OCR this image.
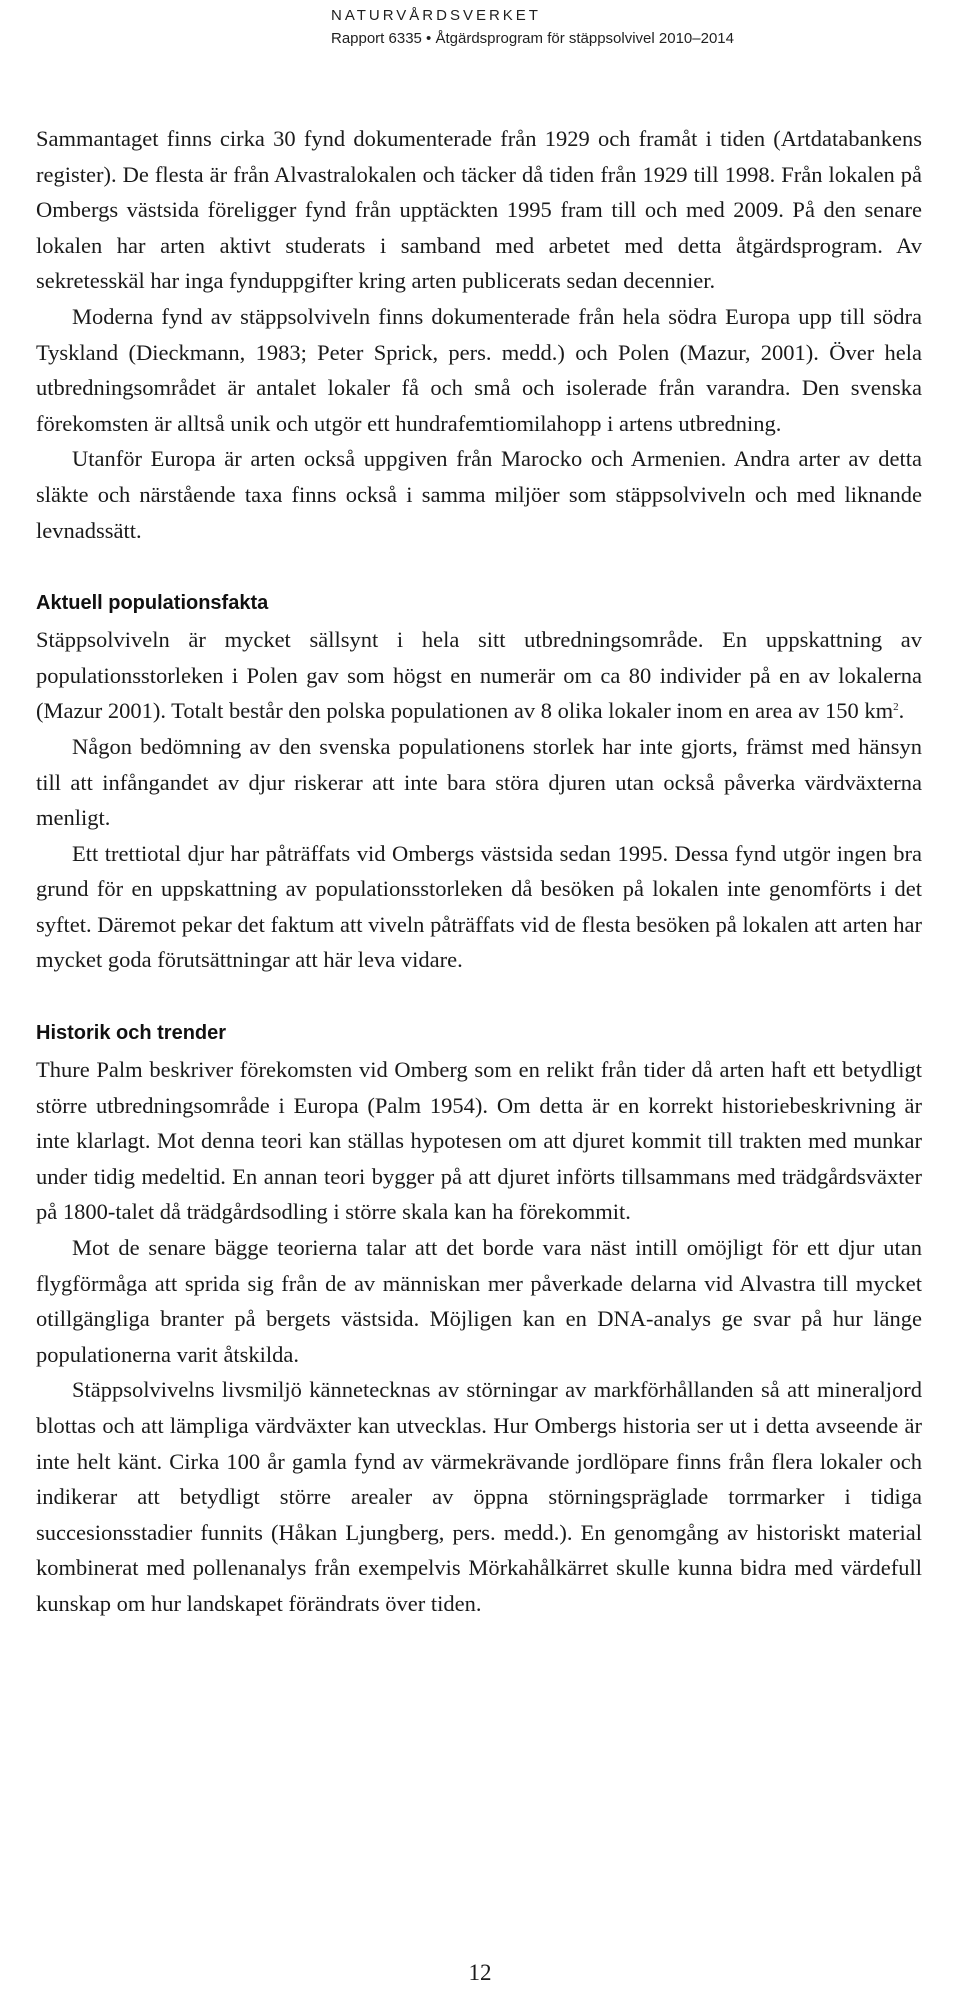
NATURVÅRDSVERKET

Rapport 6335 • Åtgärdsprogram för stäppsolvivel 2010–2014

Sammantaget finns cirka 30 fynd dokumenterade från 1929 och framåt i tiden (Artdatabankens register). De flesta är från Alvastralokalen och täcker då tiden från 1929 till 1998. Från lokalen på Ombergs västsida föreligger fynd från upptäckten 1995 fram till och med 2009. På den senare lokalen har arten aktivt studerats i samband med arbetet med detta åtgärdsprogram. Av sekretesskäl har inga fynduppgifter kring arten publicerats sedan decennier.

Moderna fynd av stäppsolviveln finns dokumenterade från hela södra Europa upp till södra Tyskland (Dieckmann, 1983; Peter Sprick, pers. medd.) och Polen (Mazur, 2001). Över hela utbredningsområdet är antalet lokaler få och små och isolerade från varandra. Den svenska förekomsten är alltså unik och utgör ett hundrafemtiomilahopp i artens utbredning.

Utanför Europa är arten också uppgiven från Marocko och Armenien. Andra arter av detta släkte och närstående taxa finns också i samma miljöer som stäppsolviveln och med liknande levnadssätt.

Aktuell populationsfakta

Stäppsolviveln är mycket sällsynt i hela sitt utbredningsområde. En uppskattning av populationsstorleken i Polen gav som högst en numerär om ca 80 individer på en av lokalerna (Mazur 2001). Totalt består den polska populationen av 8 olika lokaler inom en area av 150 $km^2$.

Någon bedömning av den svenska populationens storlek har inte gjorts, främst med hänsyn till att infångandet av djur riskerar att inte bara störa djuren utan också påverka värdväxterna menligt.

Ett trettiotal djur har påträffats vid Ombergs västsida sedan 1995. Dessa fynd utgör ingen bra grund för en uppskattning av populationsstorleken då besöken på lokalen inte genomförts i det syftet. Däremot pekar det faktum att viveln påträffats vid de flesta besöken på lokalen att arten har mycket goda förutsättningar att här leva vidare.

Historik och trender

Thure Palm beskriver förekomsten vid Omberg som en relikt från tider då arten haft ett betydligt större utbredningsområde i Europa (Palm 1954). Om detta är en korrekt historiebeskrivning är inte klarlagt. Mot denna teori kan ställas hypotesen om att djuret kommit till trakten med munkar under tidig medeltid. En annan teori bygger på att djuret införts tillsammans med trädgårdsväxter på 1800-talet då trädgårdsodling i större skala kan ha förekommit.

Mot de senare bägge teorierna talar att det borde vara näst intill omöjligt för ett djur utan flygförmåga att sprida sig från de av människan mer påverkade delarna vid Alvastra till mycket otillgängliga branter på bergets västsida. Möjligen kan en DNA-analys ge svar på hur länge populationerna varit åtskilda.

Stäppsolvivelns livsmiljö kännetecknas av störningar av markförhållanden så att mineraljord blottas och att lämpliga värdväxter kan utvecklas. Hur Ombergs historia ser ut i detta avseende är inte helt känt. Cirka 100 år gamla fynd av värmekrävande jordlöpare finns från flera lokaler och indikerar att betydligt större arealer av öppna störningspräglade torrmarker i tidiga succesionsstadier funnits (Håkan Ljungberg, pers. medd.). En genomgång av historiskt material kombinerat med pollenanalys från exempelvis Mörkahålkärret skulle kunna bidra med värdefull kunskap om hur landskapet förändrats över tiden.

12
